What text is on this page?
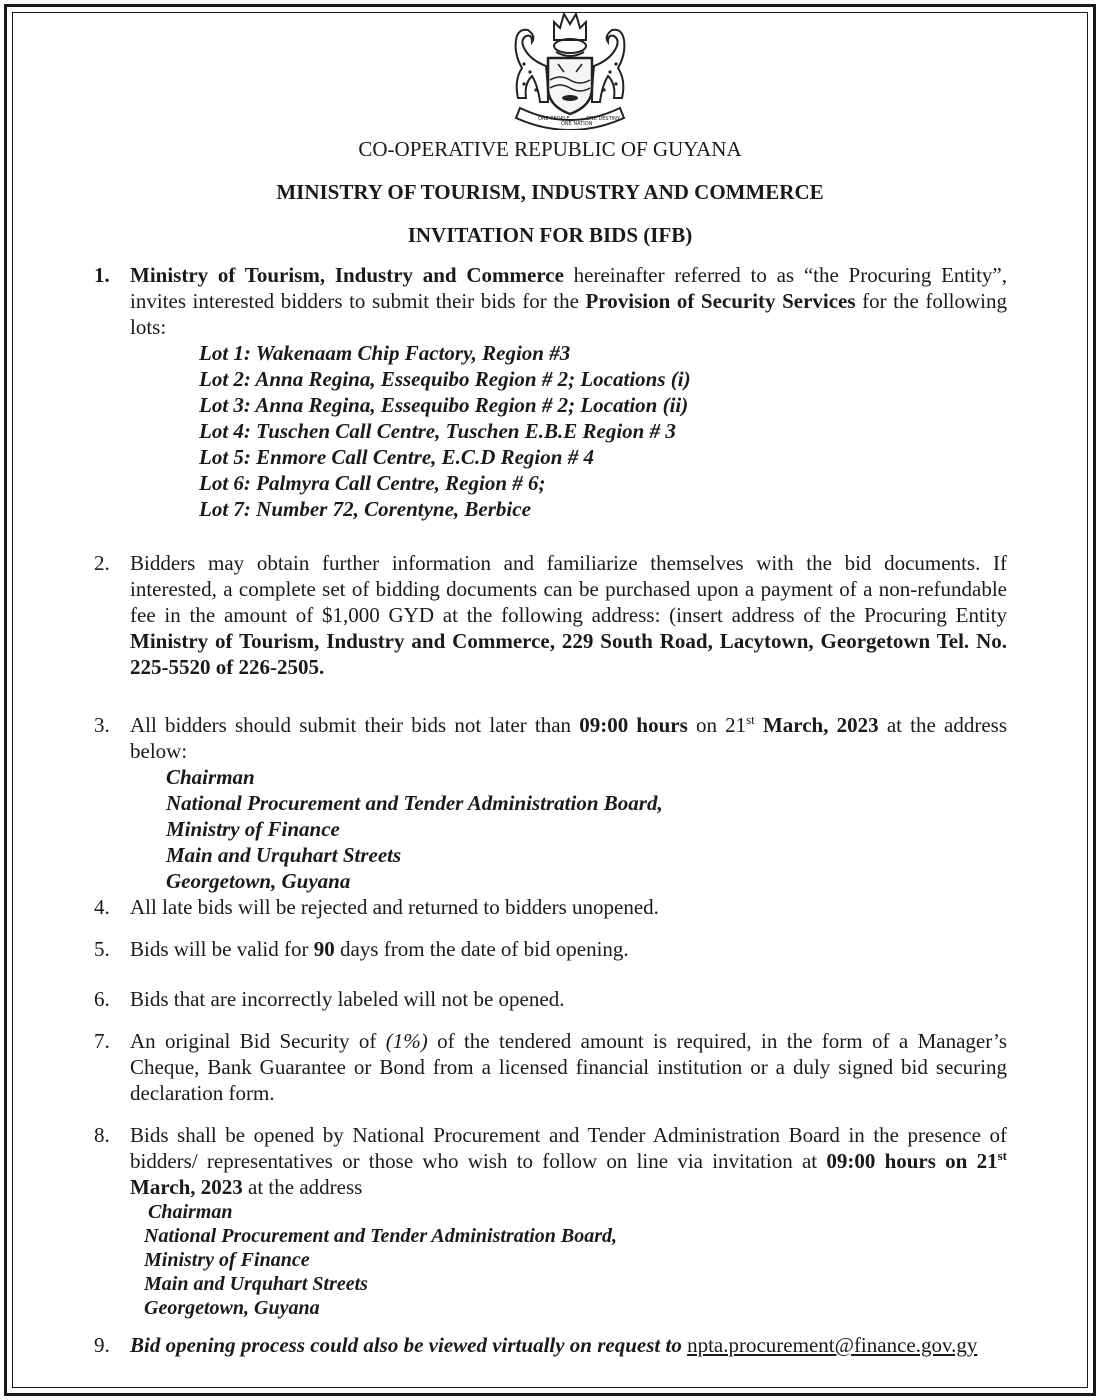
ONE PEOPLE
ONE NATION
ONE DESTINY
CO-OPERATIVE REPUBLIC OF GUYANA
MINISTRY OF TOURISM, INDUSTRY AND COMMERCE
INVITATION FOR BIDS (IFB)
1. Ministry of Tourism, Industry and Commerce hereinafter referred to as “the Procuring Entity”, invites interested bidders to submit their bids for the Provision of Security Services for the following lots:
Lot 1: Wakenaam Chip Factory, Region #3
Lot 2: Anna Regina, Essequibo Region # 2; Locations (i)
Lot 3: Anna Regina, Essequibo Region # 2; Location (ii)
Lot 4: Tuschen Call Centre, Tuschen E.B.E Region # 3
Lot 5: Enmore Call Centre, E.C.D Region # 4
Lot 6: Palmyra Call Centre, Region # 6;
Lot 7: Number 72, Corentyne, Berbice
2. Bidders may obtain further information and familiarize themselves with the bid documents. If interested, a complete set of bidding documents can be purchased upon a payment of a non-refundable fee in the amount of $1,000 GYD at the following address: (insert address of the Procuring Entity Ministry of Tourism, Industry and Commerce, 229 South Road, Lacytown, Georgetown Tel. No. 225-5520 of 226-2505.
3. All bidders should submit their bids not later than 09:00 hours on 21st March, 2023 at the address below:
Chairman
National Procurement and Tender Administration Board,
Ministry of Finance
Main and Urquhart Streets
Georgetown, Guyana
4. All late bids will be rejected and returned to bidders unopened.
5. Bids will be valid for 90 days from the date of bid opening.
6. Bids that are incorrectly labeled will not be opened.
7. An original Bid Security of (1%) of the tendered amount is required, in the form of a Manager’s Cheque, Bank Guarantee or Bond from a licensed financial institution or a duly signed bid securing declaration form.
8. Bids shall be opened by National Procurement and Tender Administration Board in the presence of bidders/ representatives or those who wish to follow on line via invitation at 09:00 hours on 21st March, 2023 at the address
Chairman
National Procurement and Tender Administration Board,
Ministry of Finance
Main and Urquhart Streets
Georgetown, Guyana
9. Bid opening process could also be viewed virtually on request to npta.procurement@finance.gov.gy
